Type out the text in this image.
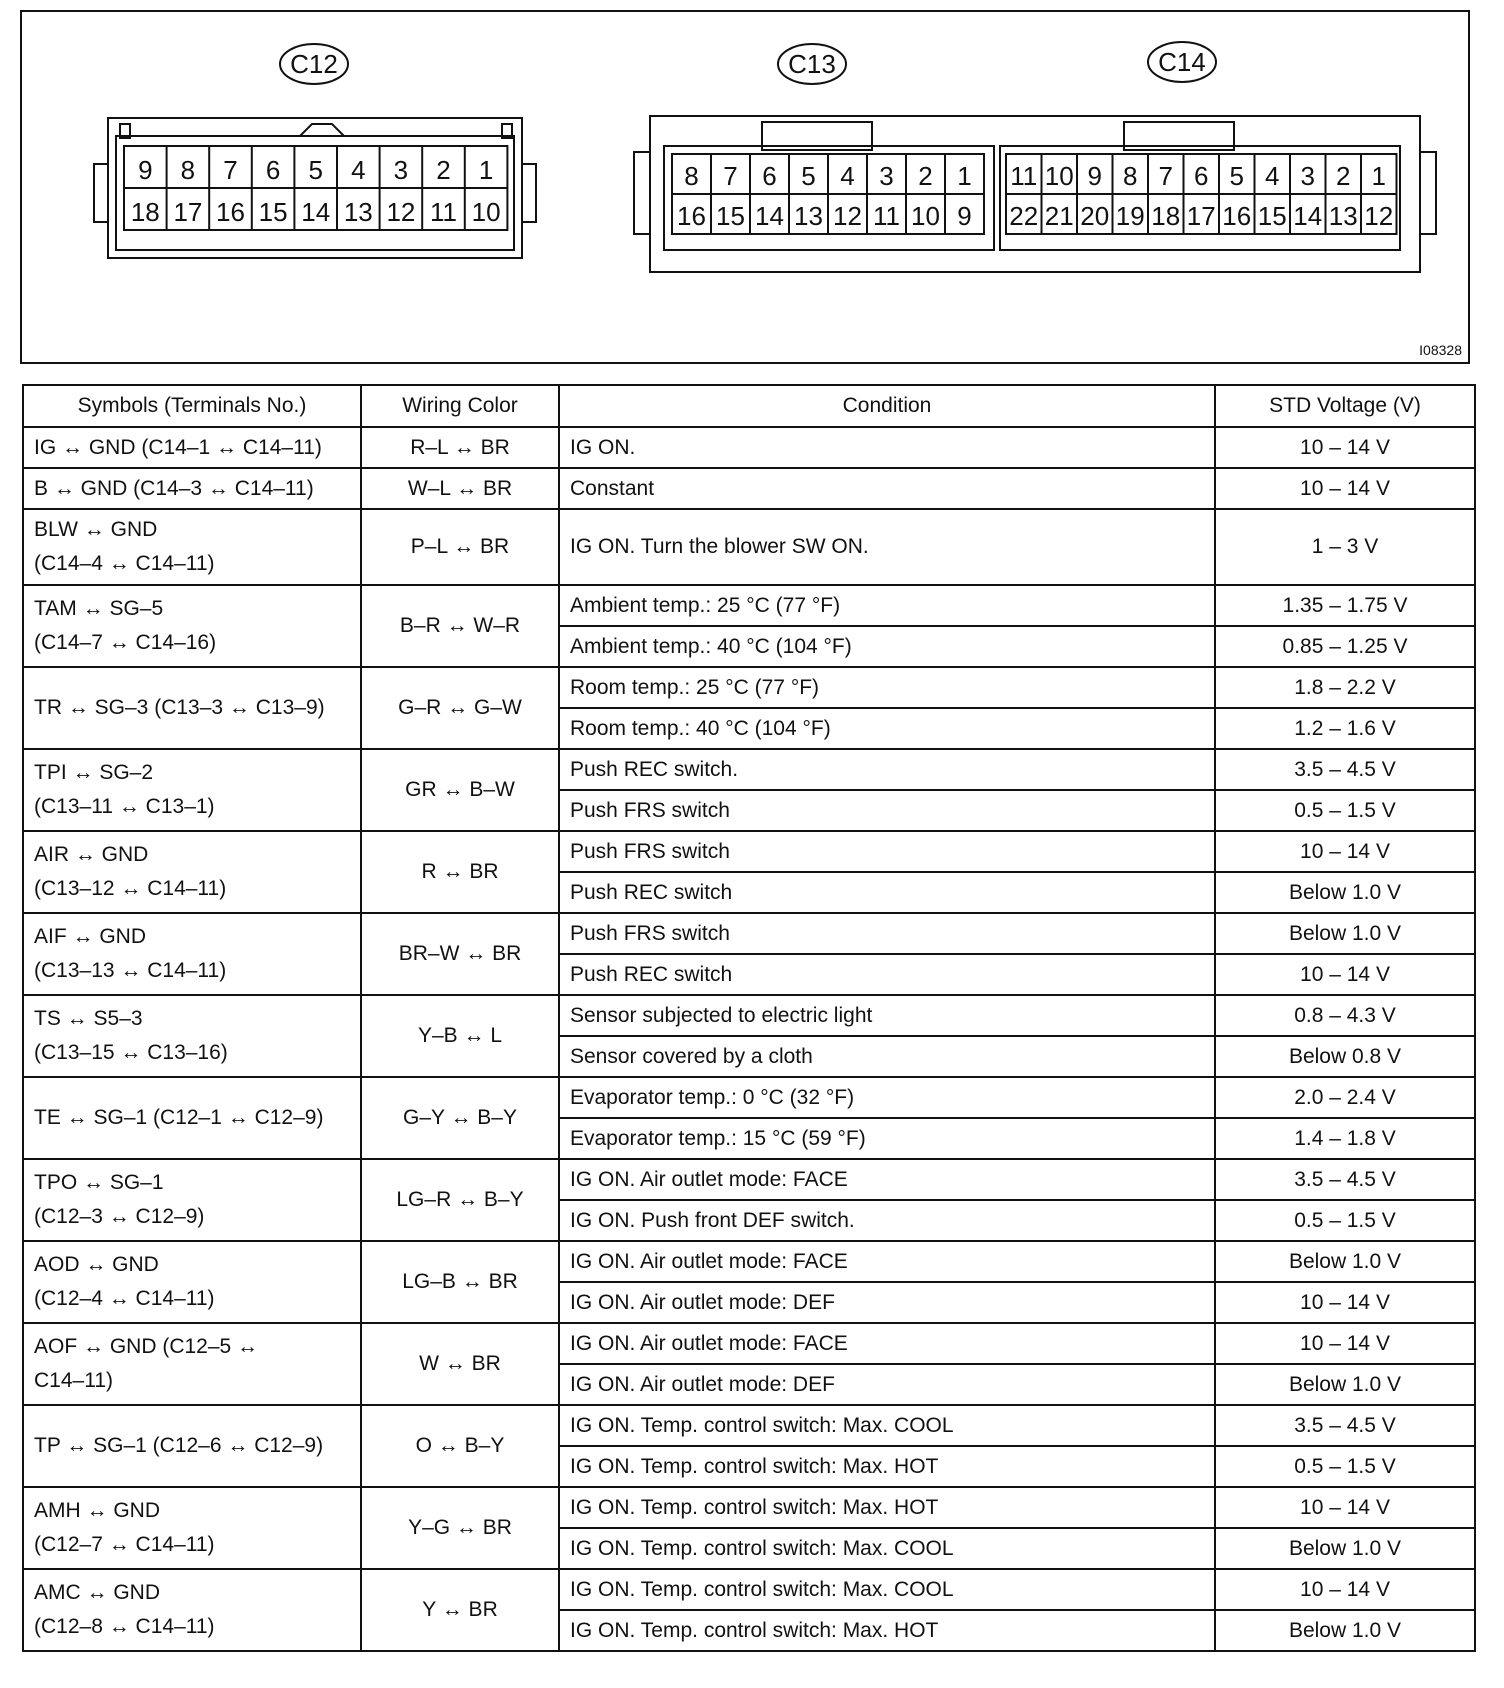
9 8 7 6 5 4 3 2 1
18 17 16 15 14 13 12 11 10
C12
8 7 6 5 4 3 2 1
16 15 14 13 12 11 10 9
C13
11 10 9 8 7 6 5 4 3 2 1
22 21 20 19 18 17 16 15 14 13 12
C14
I08328
Symbols (Terminals No.)	Wiring Color	Condition	STD Voltage (V)

IG ↔ GND (C14–1 ↔ C14–11)	R–L ↔ BR	IG ON.	10 – 14 V

B ↔ GND (C14–3 ↔ C14–11)	W–L ↔ BR	Constant	10 – 14 V

BLW ↔ GND
(C14–4 ↔ C14–11)	P–L ↔ BR	IG ON. Turn the blower SW ON.	1 – 3 V

TAM ↔ SG–5
(C14–7 ↔ C14–16)	B–R ↔ W–R	Ambient temp.: 25 °C (77 °F)	1.35 – 1.75 V
		Ambient temp.: 40 °C (104 °F)	0.85 – 1.25 V

TR ↔ SG–3 (C13–3 ↔ C13–9)	G–R ↔ G–W	Room temp.: 25 °C (77 °F)	1.8 – 2.2 V
		Room temp.: 40 °C (104 °F)	1.2 – 1.6 V

TPI ↔ SG–2
(C13–11 ↔ C13–1)	GR ↔ B–W	Push REC switch.	3.5 – 4.5 V
		Push FRS switch	0.5 – 1.5 V

AIR ↔ GND
(C13–12 ↔ C14–11)	R ↔ BR	Push FRS switch	10 – 14 V
		Push REC switch	Below 1.0 V

AIF ↔ GND
(C13–13 ↔ C14–11)	BR–W ↔ BR	Push FRS switch	Below 1.0 V
		Push REC switch	10 – 14 V

TS ↔ S5–3
(C13–15 ↔ C13–16)	Y–B ↔ L	Sensor subjected to electric light	0.8 – 4.3 V
		Sensor covered by a cloth	Below 0.8 V

TE ↔ SG–1 (C12–1 ↔ C12–9)	G–Y ↔ B–Y	Evaporator temp.: 0 °C (32 °F)	2.0 – 2.4 V
		Evaporator temp.: 15 °C (59 °F)	1.4 – 1.8 V

TPO ↔ SG–1
(C12–3 ↔ C12–9)	LG–R ↔ B–Y	IG ON. Air outlet mode: FACE	3.5 – 4.5 V
		IG ON. Push front DEF switch.	0.5 – 1.5 V

AOD ↔ GND
(C12–4 ↔ C14–11)	LG–B ↔ BR	IG ON. Air outlet mode: FACE	Below 1.0 V
		IG ON. Air outlet mode: DEF	10 – 14 V

AOF ↔ GND (C12–5 ↔
C14–11)	W ↔ BR	IG ON. Air outlet mode: FACE	10 – 14 V
		IG ON. Air outlet mode: DEF	Below 1.0 V

TP ↔ SG–1 (C12–6 ↔ C12–9)	O ↔ B–Y	IG ON. Temp. control switch: Max. COOL	3.5 – 4.5 V
		IG ON. Temp. control switch: Max. HOT	0.5 – 1.5 V

AMH ↔ GND
(C12–7 ↔ C14–11)	Y–G ↔ BR	IG ON. Temp. control switch: Max. HOT	10 – 14 V
		IG ON. Temp. control switch: Max. COOL	Below 1.0 V

AMC ↔ GND
(C12–8 ↔ C14–11)	Y ↔ BR	IG ON. Temp. control switch: Max. COOL	10 – 14 V
		IG ON. Temp. control switch: Max. HOT	Below 1.0 V
